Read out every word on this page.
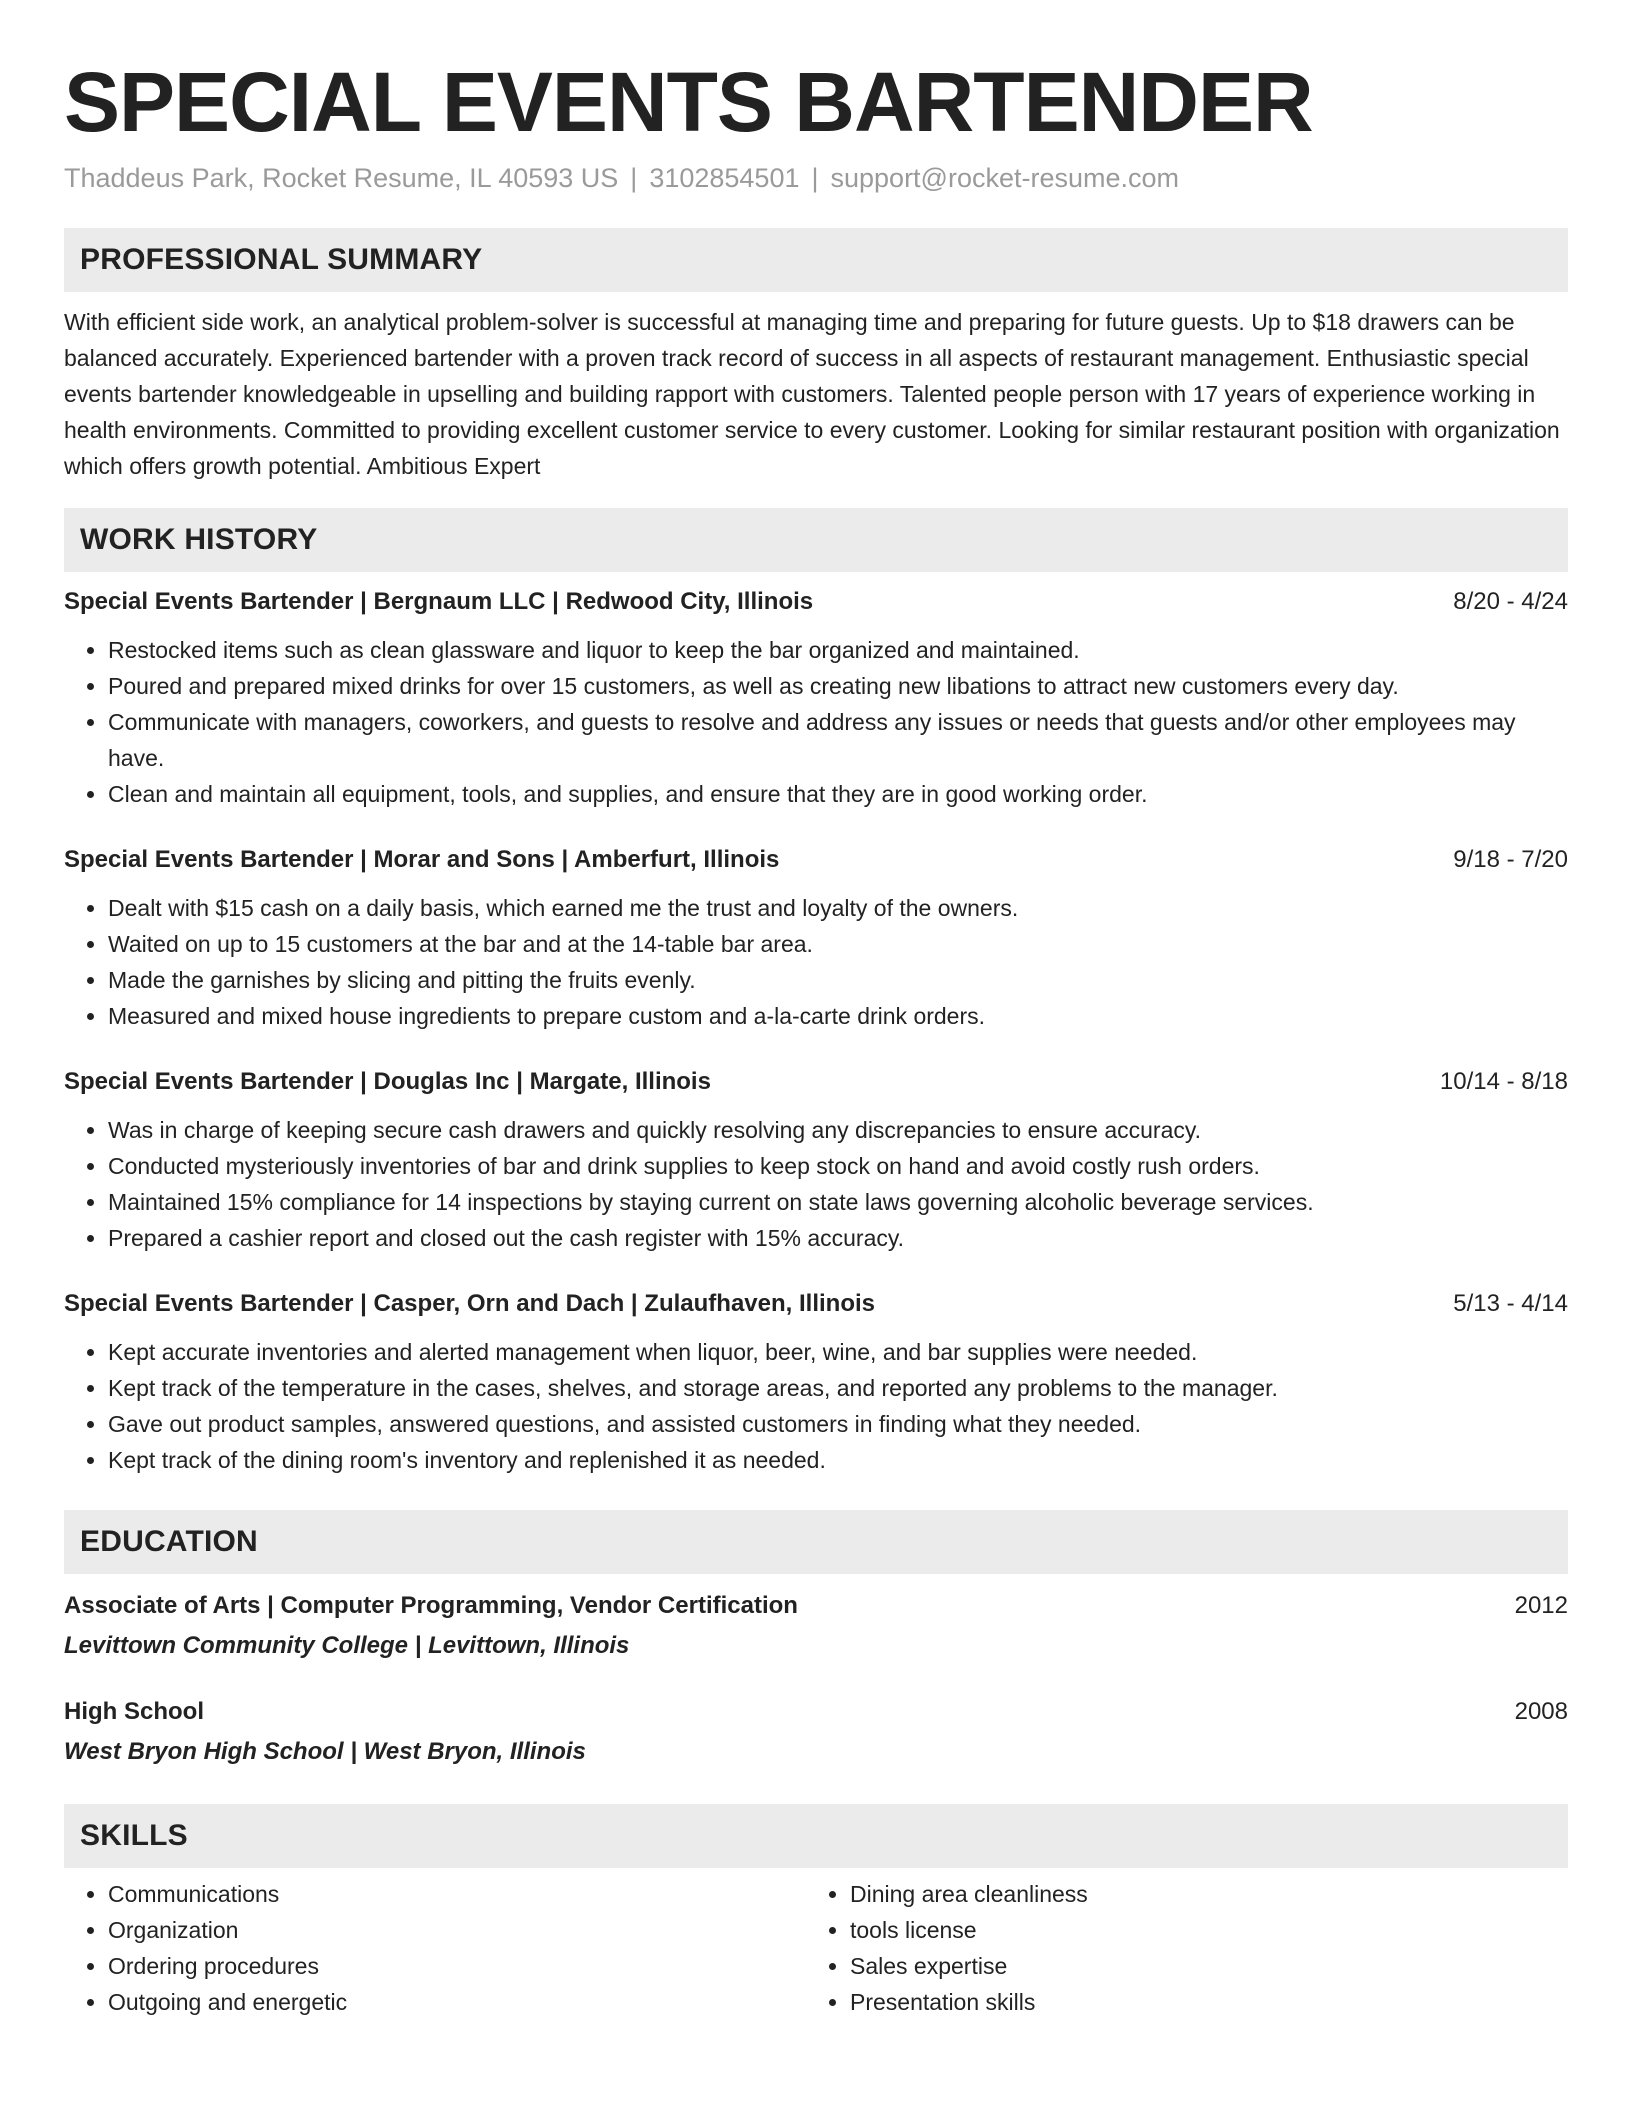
SPECIAL EVENTS BARTENDER
Thaddeus Park, Rocket Resume, IL 40593 US | 3102854501 | support@rocket-resume.com
PROFESSIONAL SUMMARY

With efficient side work, an analytical problem-solver is successful at managing time and preparing for future guests. Up to $18 drawers can be balanced accurately. Experienced bartender with a proven track record of success in all aspects of restaurant management. Enthusiastic special events bartender knowledgeable in upselling and building rapport with customers. Talented people person with 17 years of experience working in health environments. Committed to providing excellent customer service to every customer. Looking for similar restaurant position with organization which offers growth potential. Ambitious Expert

WORK HISTORY
Special Events Bartender | Bergnaum LLC | Redwood City, Illinois	8/20 - 4/24
• Restocked items such as clean glassware and liquor to keep the bar organized and maintained.
• Poured and prepared mixed drinks for over 15 customers, as well as creating new libations to attract new customers every day.
• Communicate with managers, coworkers, and guests to resolve and address any issues or needs that guests and/or other employees may have.
• Clean and maintain all equipment, tools, and supplies, and ensure that they are in good working order.
Special Events Bartender | Morar and Sons | Amberfurt, Illinois	9/18 - 7/20
• Dealt with $15 cash on a daily basis, which earned me the trust and loyalty of the owners.
• Waited on up to 15 customers at the bar and at the 14-table bar area.
• Made the garnishes by slicing and pitting the fruits evenly.
• Measured and mixed house ingredients to prepare custom and a-la-carte drink orders.
Special Events Bartender | Douglas Inc | Margate, Illinois	10/14 - 8/18
• Was in charge of keeping secure cash drawers and quickly resolving any discrepancies to ensure accuracy.
• Conducted mysteriously inventories of bar and drink supplies to keep stock on hand and avoid costly rush orders.
• Maintained 15% compliance for 14 inspections by staying current on state laws governing alcoholic beverage services.
• Prepared a cashier report and closed out the cash register with 15% accuracy.
Special Events Bartender | Casper, Orn and Dach | Zulaufhaven, Illinois	5/13 - 4/14
• Kept accurate inventories and alerted management when liquor, beer, wine, and bar supplies were needed.
• Kept track of the temperature in the cases, shelves, and storage areas, and reported any problems to the manager.
• Gave out product samples, answered questions, and assisted customers in finding what they needed.
• Kept track of the dining room's inventory and replenished it as needed.
EDUCATION
Associate of Arts | Computer Programming, Vendor Certification	2012
Levittown Community College | Levittown, Illinois
High School	2008
West Bryon High School | West Bryon, Illinois
SKILLS
• Communications
• Organization
• Ordering procedures
• Outgoing and energetic
• Dining area cleanliness
• tools license
• Sales expertise
• Presentation skills
